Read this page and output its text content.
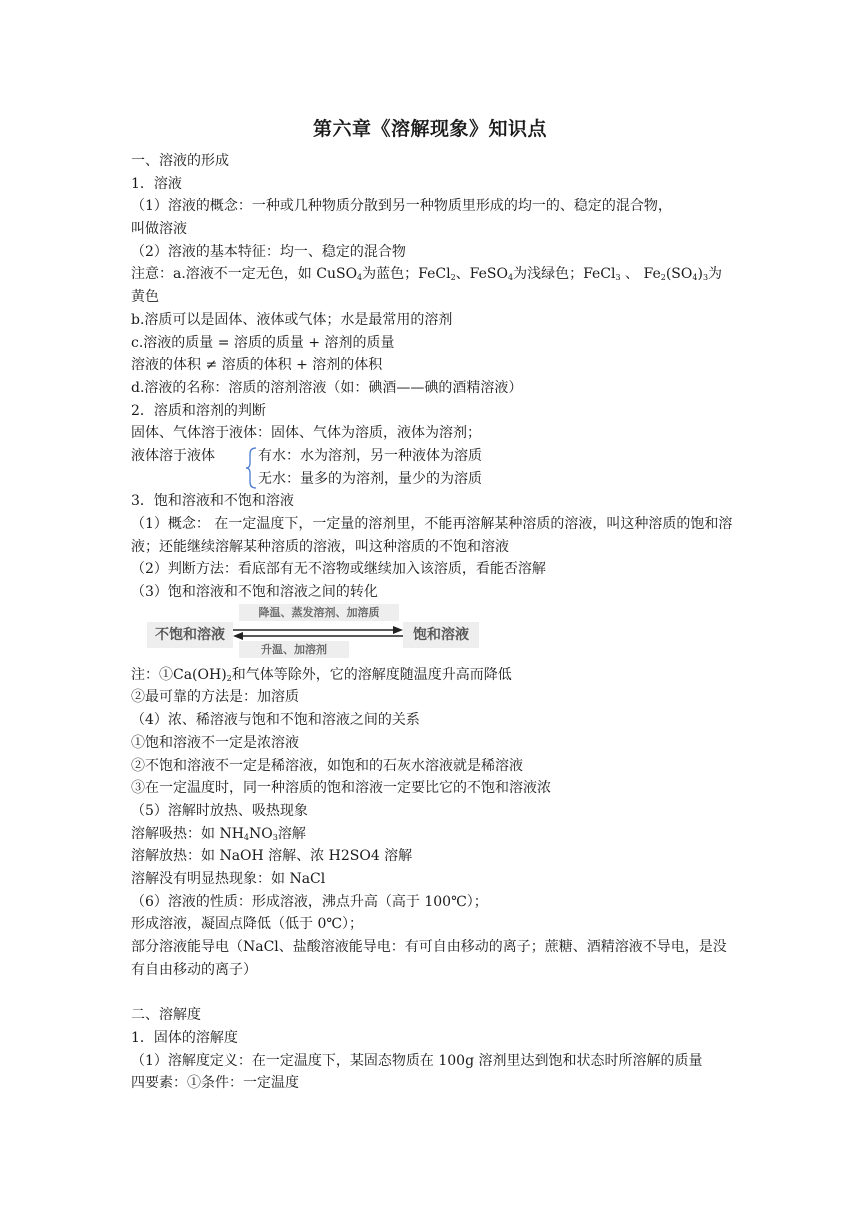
第六章《溶解现象》知识点
一、溶液的形成
1．溶液
（1）溶液的概念：一种或几种物质分散到另一种物质里形成的均一的、稳定的混合物，
叫做溶液
（2）溶液的基本特征：均一、稳定的混合物
注意：a.溶液不一定无色，如 CuSO$_4$为蓝色；FeCl$_2$、FeSO$_4$为浅绿色；FeCl$_3$ 、 $Fe_2(SO_4)_3$为
黄色
b.溶质可以是固体、液体或气体；水是最常用的溶剂
c.溶液的质量 = 溶质的质量 + 溶剂的质量
溶液的体积 ≠ 溶质的体积 + 溶剂的体积
d.溶液的名称：溶质的溶剂溶液（如：碘酒——碘的酒精溶液）
2．溶质和溶剂的判断
固体、气体溶于液体：固体、气体为溶质，液体为溶剂；
液体溶于液体	有水：水为溶剂，另一种液体为溶质
无水：量多的为溶剂，量少的为溶质
3．饱和溶液和不饱和溶液
（1）概念： 在一定温度下，一定量的溶剂里，不能再溶解某种溶质的溶液，叫这种溶质的饱和溶液；还能继续溶解某种溶质的溶液，叫这种溶质的不饱和溶液
（2）判断方法：看底部有无不溶物或继续加入该溶质，看能否溶解
（3）饱和溶液和不饱和溶液之间的转化
不饱和溶液
降温、蒸发溶剂、加溶质
升温、加溶剂
饱和溶液
注：$①Ca(OH)_2$和气体等除外，它的溶解度随温度升高而降低
②最可靠的方法是：加溶质
（4）浓、稀溶液与饱和不饱和溶液之间的关系
①饱和溶液不一定是浓溶液
②不饱和溶液不一定是稀溶液，如饱和的石灰水溶液就是稀溶液
③在一定温度时，同一种溶质的饱和溶液一定要比它的不饱和溶液浓
（5）溶解时放热、吸热现象
溶解吸热：如 $NH_4NO_3$溶解
溶解放热：如 NaOH 溶解、浓 H2SO4 溶解
溶解没有明显热现象：如 NaCl
（6）溶液的性质：形成溶液，沸点升高（高于 100℃）；
形成溶液，凝固点降低（低于 0℃）；
部分溶液能导电（NaCl、盐酸溶液能导电：有可自由移动的离子；蔗糖、酒精溶液不导电，是没有自由移动的离子）
二、溶解度
1．固体的溶解度
（1）溶解度定义：在一定温度下，某固态物质在 100g 溶剂里达到饱和状态时所溶解的质量
四要素：①条件：一定温度
